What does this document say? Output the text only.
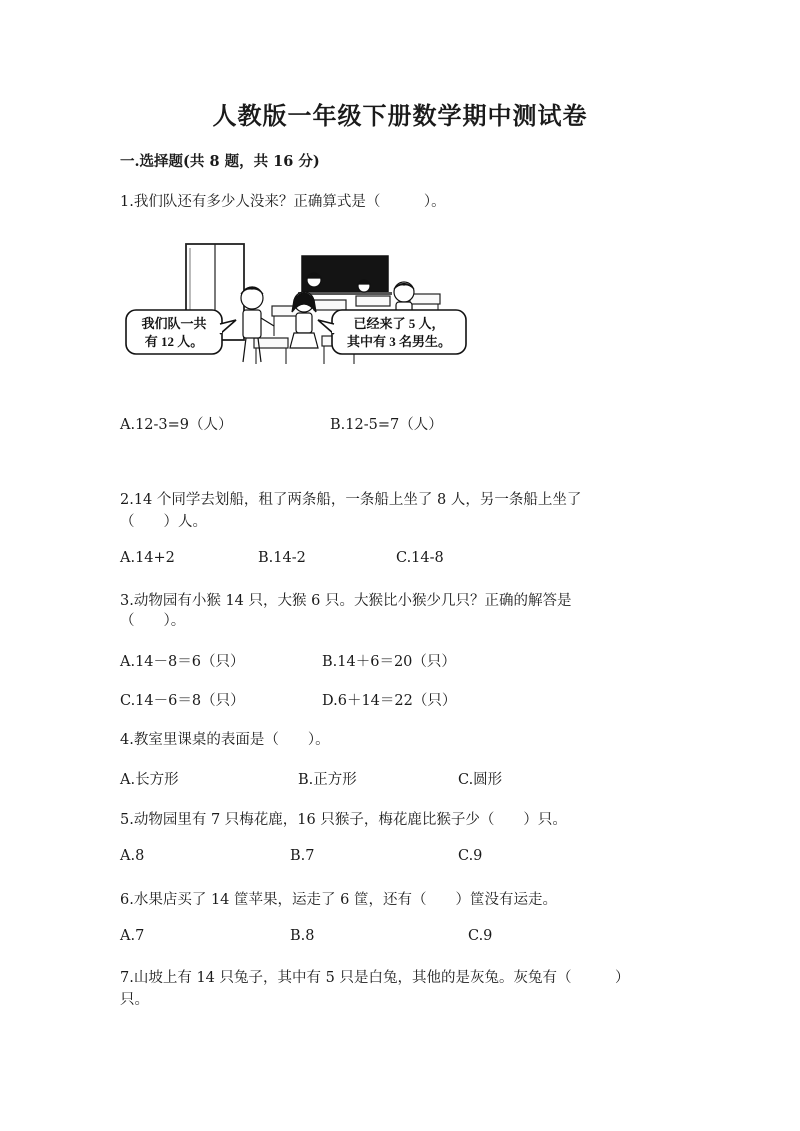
人教版一年级下册数学期中测试卷
一.选择题(共 8 题，共 16 分)
1.我们队还有多少人没来？正确算式是（　　　）。
我们队一共
有 12 人。
已经来了 5 人，
其中有 3 名男生。
A.12-3=9（人）	B.12-5=7（人）
2.14 个同学去划船，租了两条船，一条船上坐了 8 人，另一条船上坐了
（　　）人。
A.14+2	B.14-2	C.14-8
3.动物园有小猴 14 只，大猴 6 只。大猴比小猴少几只？正确的解答是
（　　）。
A.14－8＝6（只）	B.14＋6＝20（只）
C.14－6＝8（只）	D.6＋14＝22（只）
4.教室里课桌的表面是（　　）。
A.长方形	B.正方形	C.圆形
5.动物园里有 7 只梅花鹿，16 只猴子，梅花鹿比猴子少（　　）只。
A.8	B.7	C.9
6.水果店买了 14 筐苹果，运走了 6 筐，还有（　　）筐没有运走。
A.7	B.8	C.9
7.山坡上有 14 只兔子，其中有 5 只是白兔，其他的是灰兔。灰兔有（　　　）
只。
